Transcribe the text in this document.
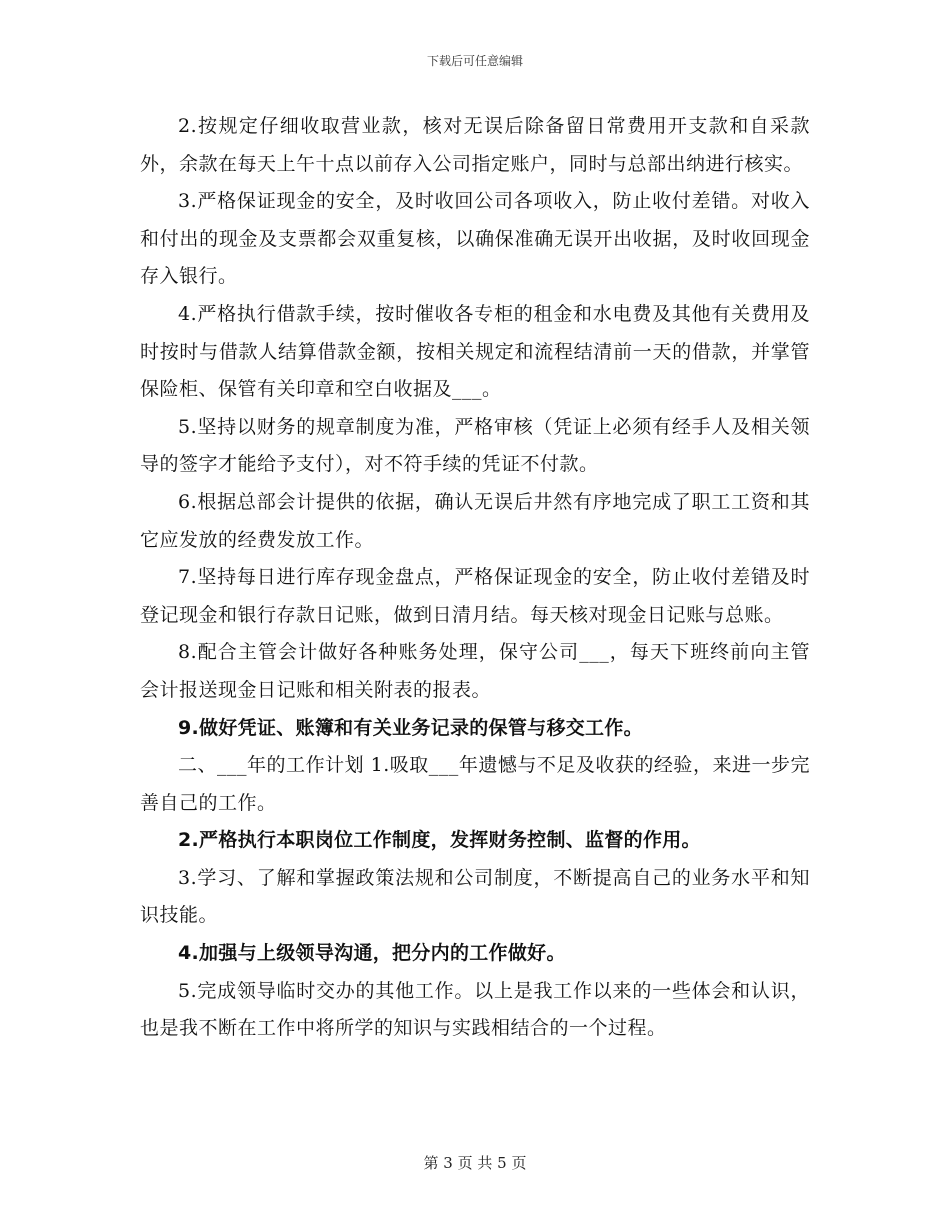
下载后可任意编辑

2.按规定仔细收取营业款，核对无误后除备留日常费用开支款和自采款外，余款在每天上午十点以前存入公司指定账户，同时与总部出纳进行核实。

3.严格保证现金的安全，及时收回公司各项收入，防止收付差错。对收入和付出的现金及支票都会双重复核，以确保准确无误开出收据，及时收回现金存入银行。

4.严格执行借款手续，按时催收各专柜的租金和水电费及其他有关费用及时按时与借款人结算借款金额，按相关规定和流程结清前一天的借款，并掌管保险柜、保管有关印章和空白收据及___。

5.坚持以财务的规章制度为准，严格审核（凭证上必须有经手人及相关领导的签字才能给予支付），对不符手续的凭证不付款。

6.根据总部会计提供的依据，确认无误后井然有序地完成了职工工资和其它应发放的经费发放工作。

7.坚持每日进行库存现金盘点，严格保证现金的安全，防止收付差错及时登记现金和银行存款日记账，做到日清月结。每天核对现金日记账与总账。

8.配合主管会计做好各种账务处理，保守公司___，每天下班终前向主管会计报送现金日记账和相关附表的报表。

9.做好凭证、账簿和有关业务记录的保管与移交工作。

二、___年的工作计划 1.吸取___年遗憾与不足及收获的经验，来进一步完善自己的工作。

2.严格执行本职岗位工作制度，发挥财务控制、监督的作用。

3.学习、了解和掌握政策法规和公司制度，不断提高自己的业务水平和知识技能。

4.加强与上级领导沟通，把分内的工作做好。

5.完成领导临时交办的其他工作。以上是我工作以来的一些体会和认识，也是我不断在工作中将所学的知识与实践相结合的一个过程。

第 3 页 共 5 页
